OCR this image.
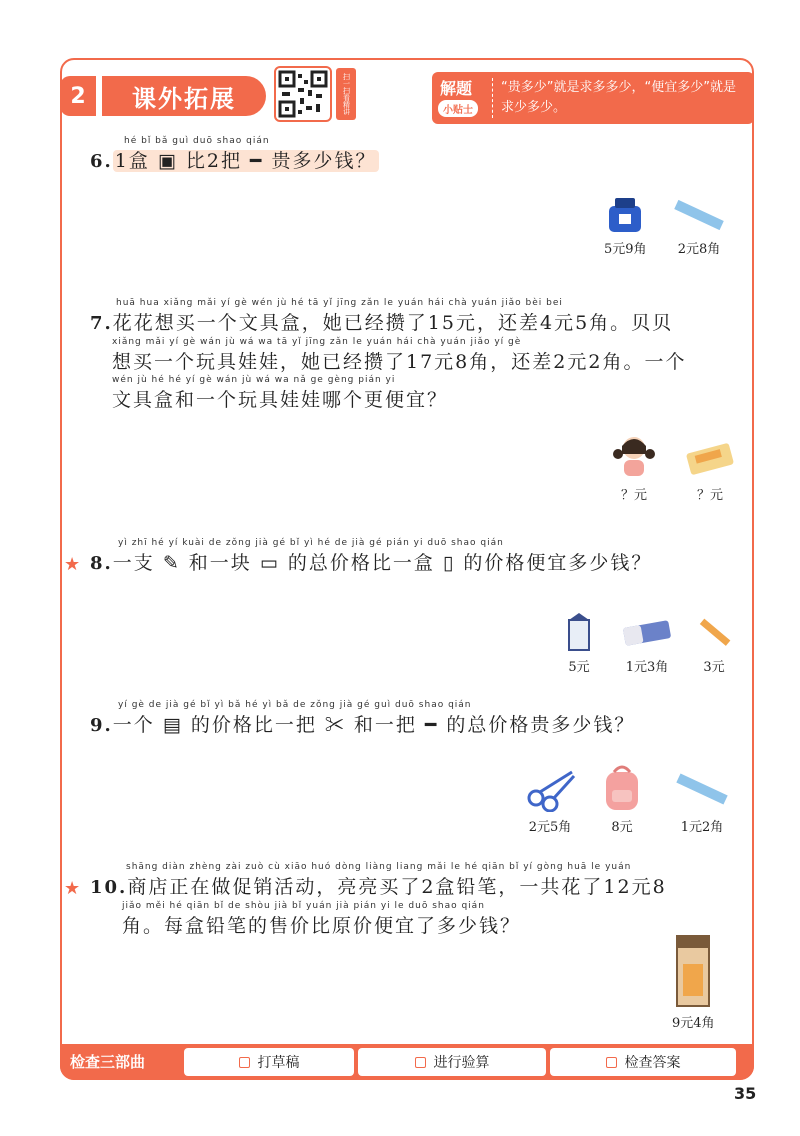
2	课外拓展	扫一扫看精讲	解题
小贴士
“贵多少”就是求多多少，“便宜多少”就是求少多少。
hé bǐ bǎ guì duō shao qián
6. 1盒 ▣ 比2把 ━ 贵多少钱？
5元9角 2元8角
huā hua xiǎng mǎi yí gè wén jù hé tā yǐ jīng zǎn le yuán hái chà yuán jiǎo bèi bei
7.花花想买一个文具盒，她已经攒了15元，还差4元5角。贝贝
xiǎng mǎi yí gè wán jù wá wa tā yǐ jīng zǎn le yuán hái chà yuán jiǎo yí gè
想买一个玩具娃娃，她已经攒了17元8角，还差2元2角。一个
wén jù hé hé yí gè wán jù wá wa nǎ ge gèng pián yi
文具盒和一个玩具娃娃哪个更便宜？
？元	？元
★
yì zhī hé yí kuài de zǒng jià gé bǐ yì hé de jià gé pián yi duō shao qián
8.一支 ✎ 和一块 ▭ 的总价格比一盒 ▯ 的价格便宜多少钱？
5元	1元3角	3元
yí gè de jià gé bǐ yì bǎ hé yì bǎ de zǒng jià gé guì duō shao qián
9.一个 ▤ 的价格比一把 ✂ 和一把 ━ 的总价格贵多少钱？
2元5角	8元	1元2角
★
shāng diàn zhèng zài zuò cù xiāo huó dòng liàng liang mǎi le hé qiān bǐ yí gòng huā le yuán
10.商店正在做促销活动，亮亮买了2盒铅笔，一共花了12元8
jiǎo měi hé qiān bǐ de shòu jià bǐ yuán jià pián yi le duō shao qián
角。每盒铅笔的售价比原价便宜了多少钱？
9元4角
检查三部曲	打草稿	进行验算	检查答案
35
